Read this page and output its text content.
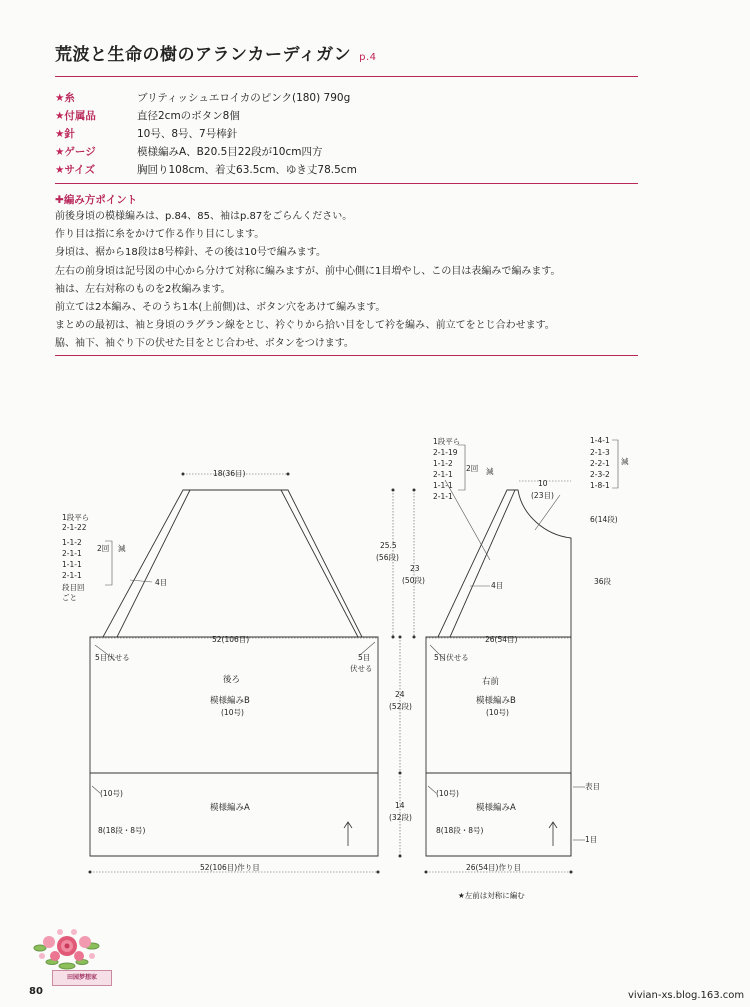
荒波と生命の樹のアランカーディガン p.4
★糸	ブリティッシュエロイカのピンク(180) 790g
★付属品	直径2cmのボタン8個
★針	10号、8号、7号棒針
★ゲージ	模様編みA、B20.5目22段が10cm四方
★サイズ	胸回り108cm、着丈63.5cm、ゆき丈78.5cm
✚編み方ポイント
前後身頃の模様編みは、p.84、85、袖はp.87をごらんください。
作り目は指に糸をかけて作る作り目にします。
身頃は、裾から18段は8号棒針、その後は10号で編みます。
左右の前身頃は記号図の中心から分けて対称に編みますが、前中心側に1目増やし、この目は表編みで編みます。
袖は、左右対称のものを2枚編みます。
前立ては2本編み、そのうち1本(上前側)は、ボタン穴をあけて編みます。
まとめの最初は、袖と身頃のラグラン線をとじ、衿ぐりから拾い目をして衿を編み、前立てをとじ合わせます。
脇、袖下、袖ぐり下の伏せた目をとじ合わせ、ボタンをつけます。
18(36目)
1段平ら
2-1-22
1-1-2
2-1-1
1-1-1
2-1-1
2回 減
段目回
ごと
4目
52(106目)
5目伏せる	5目
伏せる
後ろ
模様編みB
(10号)
(10号)
模様編みA
8(18段・8号)
52(106目)作り目
25.5
(56段)
23
(50段)
24
(52段)
14
(32段)
1段平ら
2-1-19
1-1-2
2-1-1
1-1-1
2-1-1
2回 減
10
(23目)
1-4-1
2-1-3
2-2-1
2-3-2
1-8-1
減
6(14段)
36段
4目
26(54目)
5目伏せる
右前
模様編みB
(10号)
(10号)
模様編みA
8(18段・8号)
表目
1目
26(54目)作り目
★左前は対称に編む
田园梦想家
80	vivian-xs.blog.163.com
